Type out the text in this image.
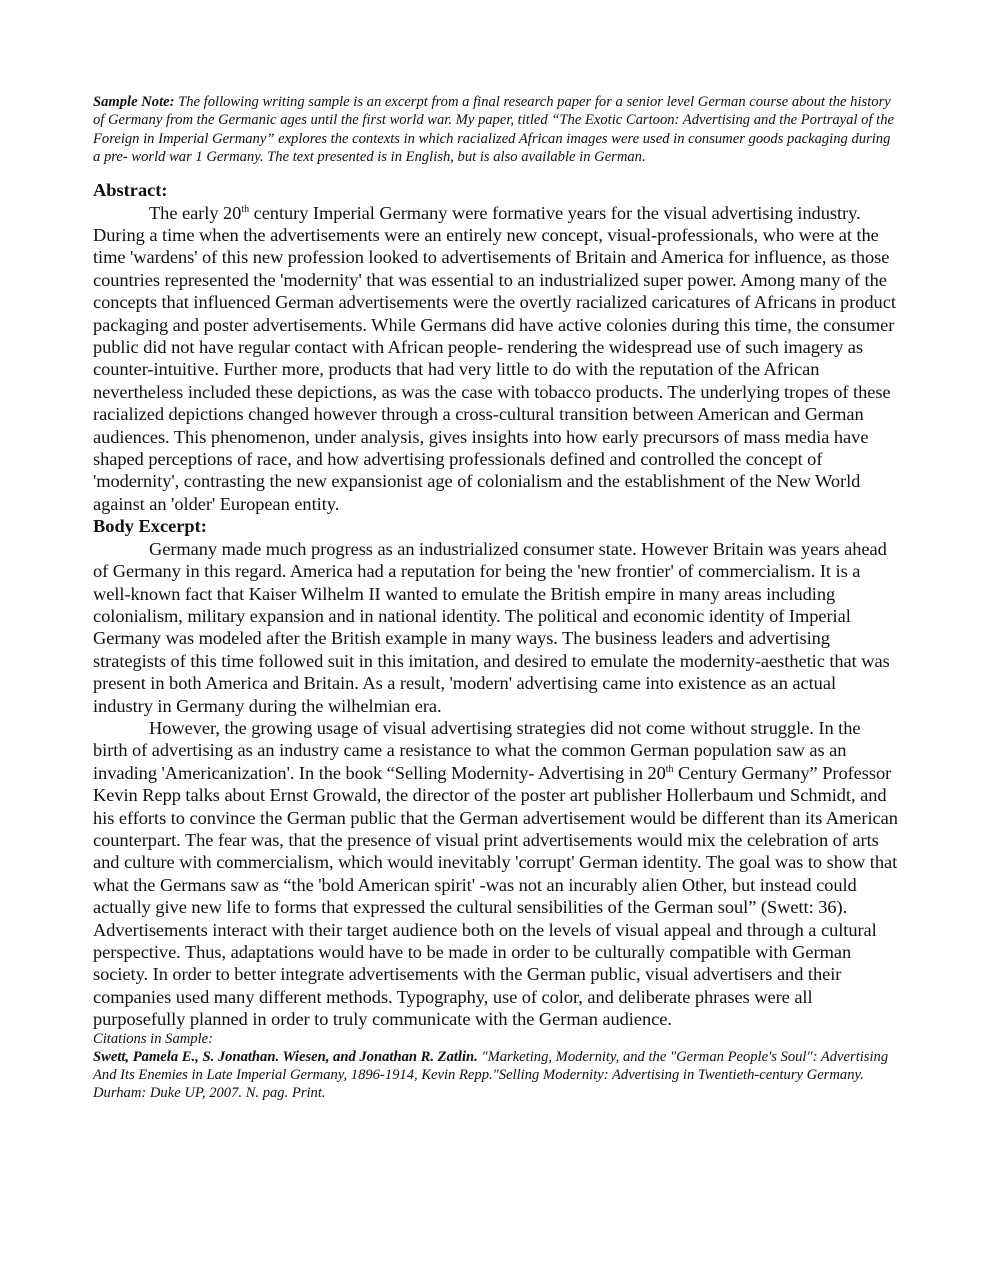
Sample Note: The following writing sample is an excerpt from a final research paper for a senior level German course about the history of Germany from the Germanic ages until the first world war. My paper, titled “The Exotic Cartoon: Advertising and the Portrayal of the Foreign in Imperial Germany” explores the contexts in which racialized African images were used in consumer goods packaging during a pre- world war 1 Germany. The text presented is in English, but is also available in German.

Abstract:

The early 20th century Imperial Germany were formative years for the visual advertising industry. During a time when the advertisements were an entirely new concept, visual-professionals, who were at the time 'wardens' of this new profession looked to advertisements of Britain and America for influence, as those countries represented the 'modernity' that was essential to an industrialized super power. Among many of the concepts that influenced German advertisements were the overtly racialized caricatures of Africans in product packaging and poster advertisements. While Germans did have active colonies during this time, the consumer public did not have regular contact with African people- rendering the widespread use of such imagery as counter-intuitive. Further more, products that had very little to do with the reputation of the African nevertheless included these depictions, as was the case with tobacco products. The underlying tropes of these racialized depictions changed however through a cross-cultural transition between American and German audiences. This phenomenon, under analysis, gives insights into how early precursors of mass media have shaped perceptions of race, and how advertising professionals defined and controlled the concept of 'modernity', contrasting the new expansionist age of colonialism and the establishment of the New World against an 'older' European entity.

Body Excerpt:

Germany made much progress as an industrialized consumer state. However Britain was years ahead of Germany in this regard. America had a reputation for being the 'new frontier' of commercialism. It is a well-known fact that Kaiser Wilhelm II wanted to emulate the British empire in many areas including colonialism, military expansion and in national identity. The political and economic identity of Imperial Germany was modeled after the British example in many ways. The business leaders and advertising strategists of this time followed suit in this imitation, and desired to emulate the modernity-aesthetic that was present in both America and Britain. As a result, 'modern' advertising came into existence as an actual industry in Germany during the wilhelmian era.

However, the growing usage of visual advertising strategies did not come without struggle. In the birth of advertising as an industry came a resistance to what the common German population saw as an invading 'Americanization'. In the book “Selling Modernity- Advertising in 20th Century Germany” Professor Kevin Repp talks about Ernst Growald, the director of the poster art publisher Hollerbaum und Schmidt, and his efforts to convince the German public that the German advertisement would be different than its American counterpart. The fear was, that the presence of visual print advertisements would mix the celebration of arts and culture with commercialism, which would inevitably 'corrupt' German identity. The goal was to show that what the Germans saw as “the 'bold American spirit' -was not an incurably alien Other, but instead could actually give new life to forms that expressed the cultural sensibilities of the German soul” (Swett: 36). Advertisements interact with their target audience both on the levels of visual appeal and through a cultural perspective. Thus, adaptations would have to be made in order to be culturally compatible with German society. In order to better integrate advertisements with the German public, visual advertisers and their companies used many different methods. Typography, use of color, and deliberate phrases were all purposefully planned in order to truly communicate with the German audience.

Citations in Sample:

Swett, Pamela E., S. Jonathan. Wiesen, and Jonathan R. Zatlin. "Marketing, Modernity, and the "German People's Soul": Advertising And Its Enemies in Late Imperial Germany, 1896-1914, Kevin Repp."Selling Modernity: Advertising in Twentieth-century Germany. Durham: Duke UP, 2007. N. pag. Print.
